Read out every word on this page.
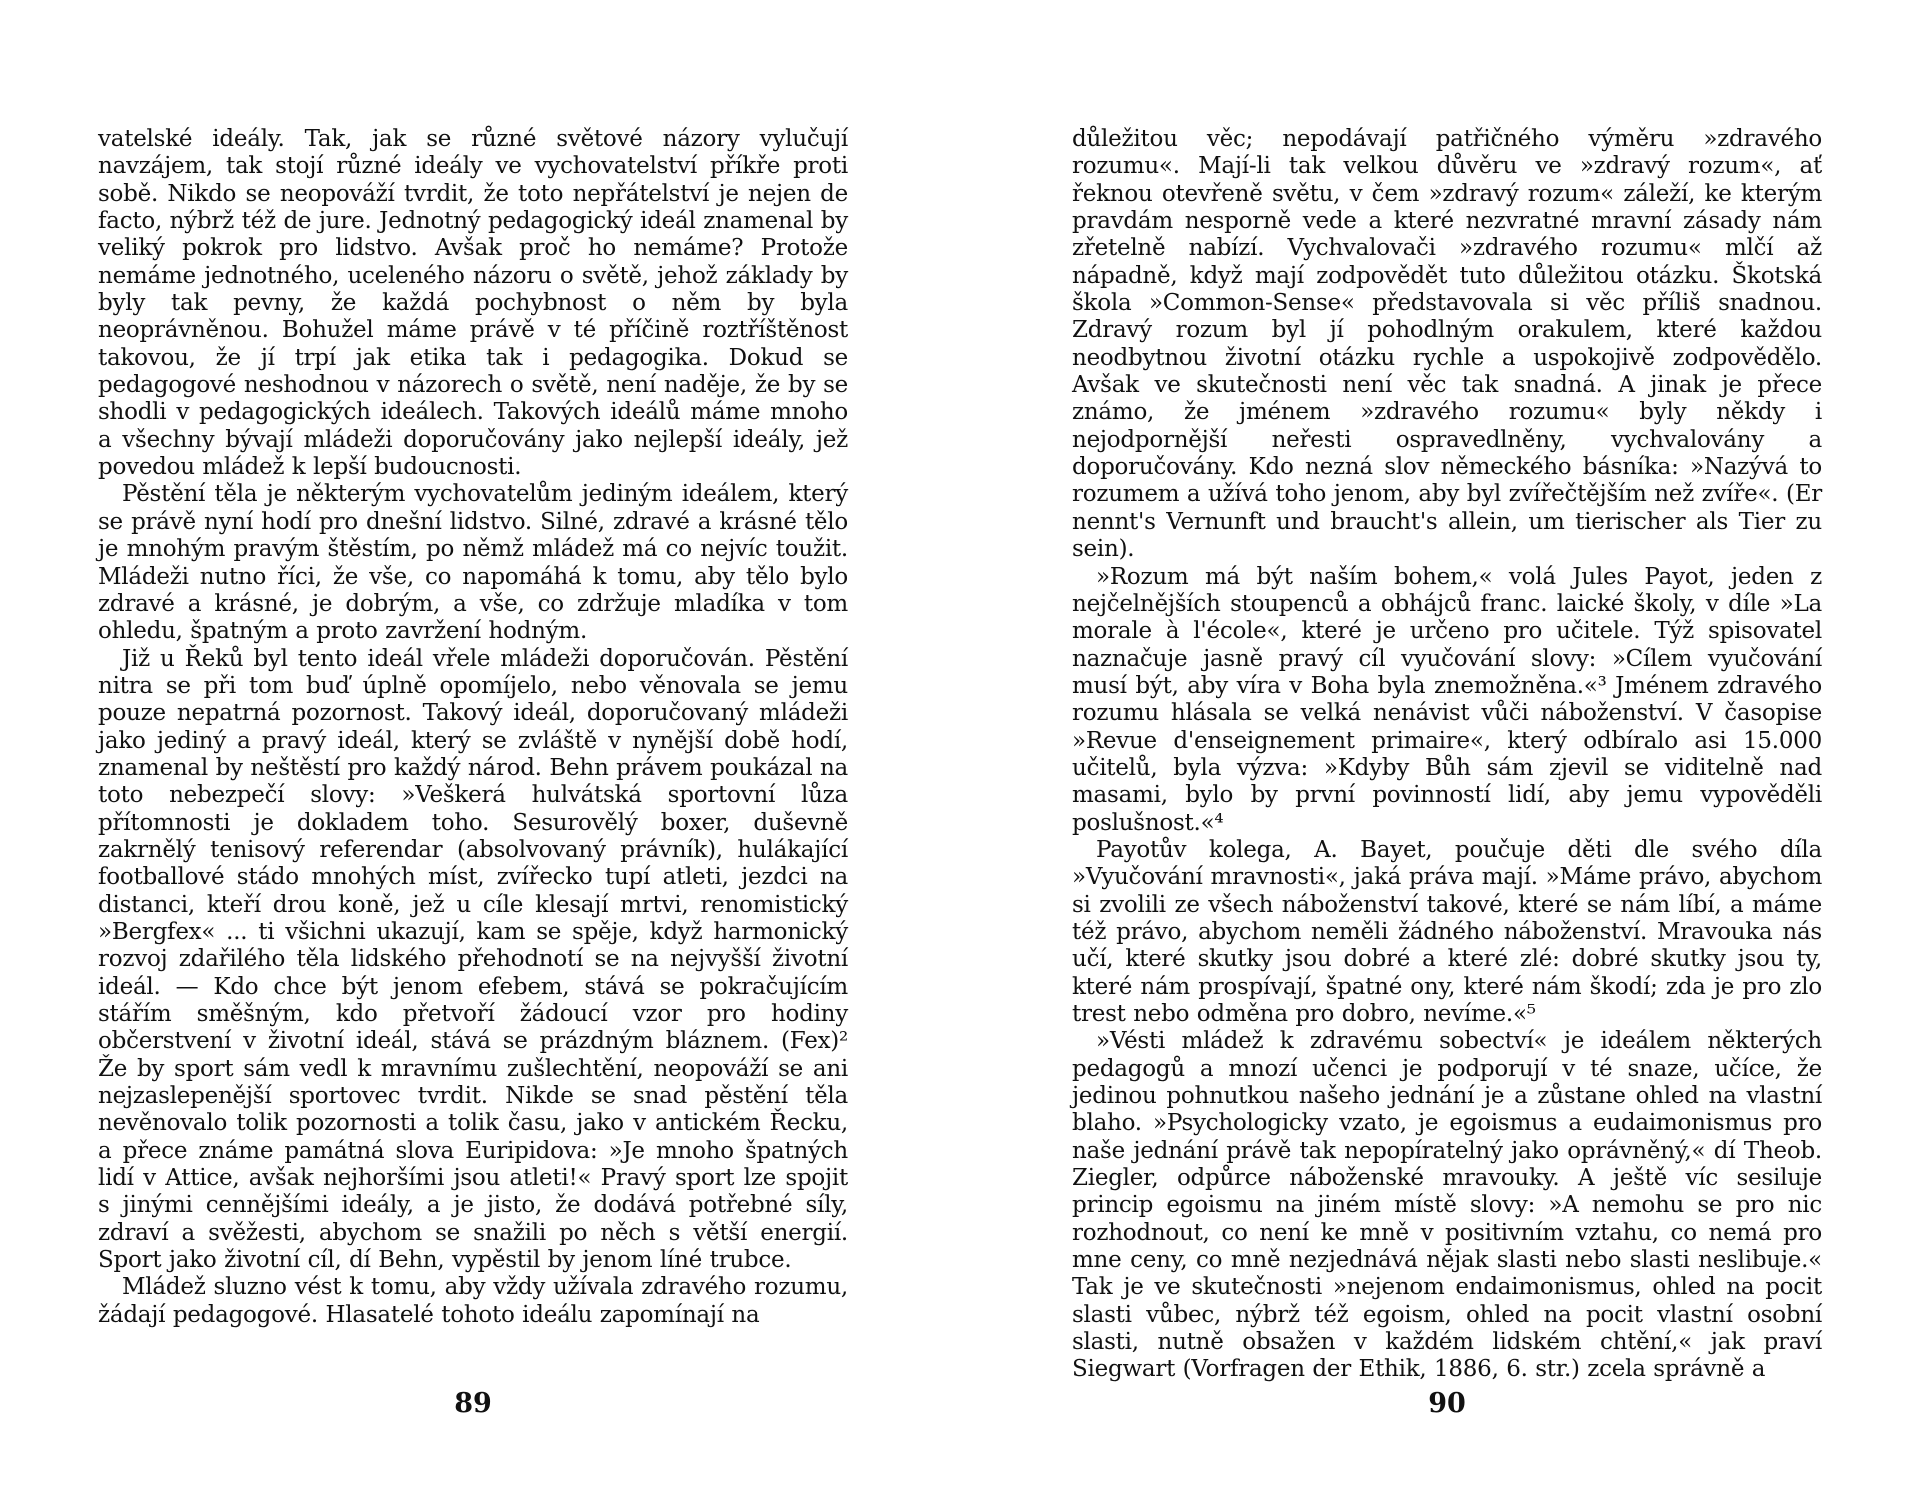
vatelské ideály. Tak, jak se různé světové názory vylučují navzájem, tak stojí různé ideály ve vychovatelství příkře proti sobě. Nikdo se neopováží tvrdit, že toto nepřátelství je nejen de facto, nýbrž též de jure. Jednotný pedagogický ideál znamenal by veliký pokrok pro lidstvo. Avšak proč ho nemáme? Protože nemáme jednotného, uceleného názoru o světě, jehož základy by byly tak pevny, že každá pochybnost o něm by byla neoprávněnou. Bohužel máme právě v té příčině roztříštěnost takovou, že jí trpí jak etika tak i pedagogika. Dokud se pedagogové neshodnou v názorech o světě, není naděje, že by se shodli v pedagogických ideálech. Takových ideálů máme mnoho a všechny bývají mládeži doporučovány jako nejlepší ideály, jež povedou mládež k lepší budoucnosti.

Pěstění těla je některým vychovatelům jediným ideálem, který se právě nyní hodí pro dnešní lidstvo. Silné, zdravé a krásné tělo je mnohým pravým štěstím, po němž mládež má co nejvíc toužit. Mládeži nutno říci, že vše, co napomáhá k tomu, aby tělo bylo zdravé a krásné, je dobrým, a vše, co zdržuje mladíka v tom ohledu, špatným a proto zavržení hodným.

Již u Řeků byl tento ideál vřele mládeži doporučován. Pěstění nitra se při tom buď úplně opomíjelo, nebo věnovala se jemu pouze nepatrná pozornost. Takový ideál, doporučovaný mládeži jako jediný a pravý ideál, který se zvláště v nynější době hodí, znamenal by neštěstí pro každý národ. Behn právem poukázal na toto nebezpečí slovy: »Veškerá hulvátská sportovní lůza přítomnosti je dokladem toho. Sesurovělý boxer, duševně zakrnělý tenisový referendar (absolvovaný právník), hulákající footballové stádo mnohých míst, zvířecko tupí atleti, jezdci na distanci, kteří drou koně, jež u cíle klesají mrtvi, renomistický »Bergfex« ... ti všichni ukazují, kam se spěje, když harmonický rozvoj zdařilého těla lidského přehodnotí se na nejvyšší životní ideál. — Kdo chce být jenom efebem, stává se pokračujícím stářím směšným, kdo přetvoří žádoucí vzor pro hodiny občerstvení v životní ideál, stává se prázdným bláznem. (Fex)² Že by sport sám vedl k mravnímu zušlechtění, neopováží se ani nejzaslepenější sportovec tvrdit. Nikde se snad pěstění těla nevěnovalo tolik pozornosti a tolik času, jako v antickém Řecku, a přece známe památná slova Euripidova: »Je mnoho špatných lidí v Attice, avšak nejhoršími jsou atleti!« Pravý sport lze spojit s jinými cennějšími ideály, a je jisto, že dodává potřebné síly, zdraví a svěžesti, abychom se snažili po něch s větší energií. Sport jako životní cíl, dí Behn, vypěstil by jenom líné trubce.

Mládež sluzno vést k tomu, aby vždy užívala zdravého rozumu, žádají pedagogové. Hlasatelé tohoto ideálu zapomínají na

89

důležitou věc; nepodávají patřičného výměru »zdravého rozumu«. Mají-li tak velkou důvěru ve »zdravý rozum«, ať řeknou otevřeně světu, v čem »zdravý rozum« záleží, ke kterým pravdám nesporně vede a které nezvratné mravní zásady nám zřetelně nabízí. Vychvalovači »zdravého rozumu« mlčí až nápadně, když mají zodpovědět tuto důležitou otázku. Škotská škola »Common-Sense« představovala si věc příliš snadnou. Zdravý rozum byl jí pohodlným orakulem, které každou neodbytnou životní otázku rychle a uspokojivě zodpovědělo. Avšak ve skutečnosti není věc tak snadná. A jinak je přece známo, že jménem »zdravého rozumu« byly někdy i nejodpornější neřesti ospravedlněny, vychvalovány a doporučovány. Kdo nezná slov německého básníka: »Nazývá to rozumem a užívá toho jenom, aby byl zvířečtějším než zvíře«. (Er nennt's Vernunft und braucht's allein, um tierischer als Tier zu sein).

»Rozum má být naším bohem,« volá Jules Payot, jeden z nejčelnějších stoupenců a obhájců franc. laické školy, v díle »La morale à l'école«, které je určeno pro učitele. Týž spisovatel naznačuje jasně pravý cíl vyučování slovy: »Cílem vyučování musí být, aby víra v Boha byla znemožněna.«³ Jménem zdravého rozumu hlásala se velká nenávist vůči náboženství. V časopise »Revue d'enseignement primaire«, který odbíralo asi 15.000 učitelů, byla výzva: »Kdyby Bůh sám zjevil se viditelně nad masami, bylo by první povinností lidí, aby jemu vypověděli poslušnost.«⁴

Payotův kolega, A. Bayet, poučuje děti dle svého díla »Vyučování mravnosti«, jaká práva mají. »Máme právo, abychom si zvolili ze všech náboženství takové, které se nám líbí, a máme též právo, abychom neměli žádného náboženství. Mravouka nás učí, které skutky jsou dobré a které zlé: dobré skutky jsou ty, které nám prospívají, špatné ony, které nám škodí; zda je pro zlo trest nebo odměna pro dobro, nevíme.«⁵

»Vésti mládež k zdravému sobectví« je ideálem některých pedagogů a mnozí učenci je podporují v té snaze, učíce, že jedinou pohnutkou našeho jednání je a zůstane ohled na vlastní blaho. »Psychologicky vzato, je egoismus a eudaimonismus pro naše jednání právě tak nepopíratelný jako oprávněný,« dí Theob. Ziegler, odpůrce náboženské mravouky. A ještě víc sesiluje princip egoismu na jiném místě slovy: »A nemohu se pro nic rozhodnout, co není ke mně v positivním vztahu, co nemá pro mne ceny, co mně nezjednává nějak slasti nebo slasti neslibuje.« Tak je ve skutečnosti »nejenom endaimonismus, ohled na pocit slasti vůbec, nýbrž též egoism, ohled na pocit vlastní osobní slasti, nutně obsažen v každém lidském chtění,« jak praví Siegwart (Vorfragen der Ethik, 1886, 6. str.) zcela správně a

90
